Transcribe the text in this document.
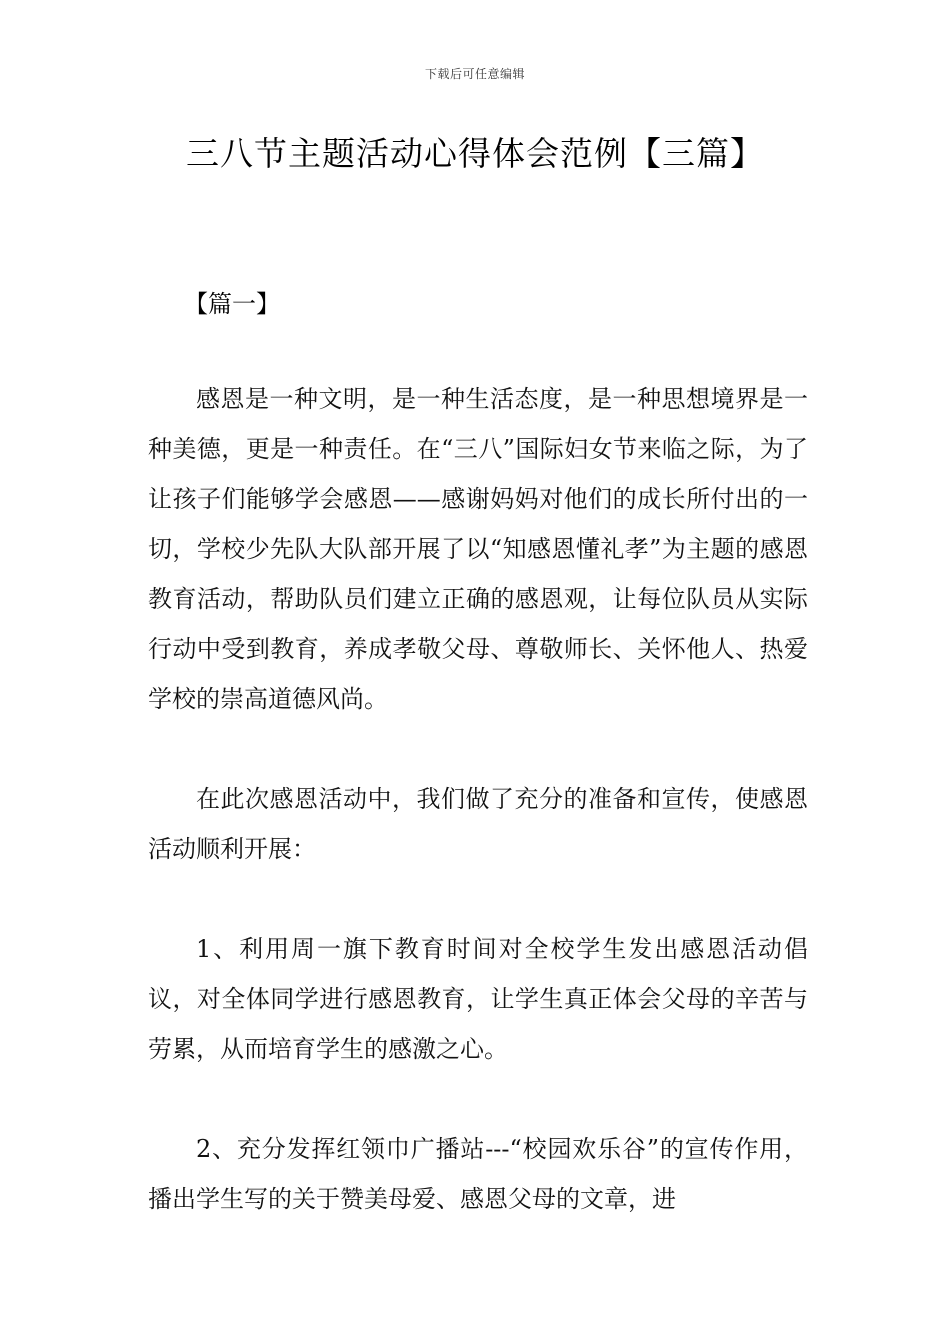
下载后可任意编辑
三八节主题活动心得体会范例【三篇】
【篇一】

感恩是一种文明，是一种生活态度，是一种思想境界是一种美德，更是一种责任。在“三八”国际妇女节来临之际，为了让孩子们能够学会感恩——感谢妈妈对他们的成长所付出的一切，学校少先队大队部开展了以“知感恩懂礼孝”为主题的感恩教育活动，帮助队员们建立正确的感恩观，让每位队员从实际行动中受到教育，养成孝敬父母、尊敬师长、关怀他人、热爱学校的崇高道德风尚。

在此次感恩活动中，我们做了充分的准备和宣传，使感恩活动顺利开展：

1、利用周一旗下教育时间对全校学生发出感恩活动倡议，对全体同学进行感恩教育，让学生真正体会父母的辛苦与劳累，从而培育学生的感激之心。

2、充分发挥红领巾广播站---“校园欢乐谷”的宣传作用，播出学生写的关于赞美母爱、感恩父母的文章，进
